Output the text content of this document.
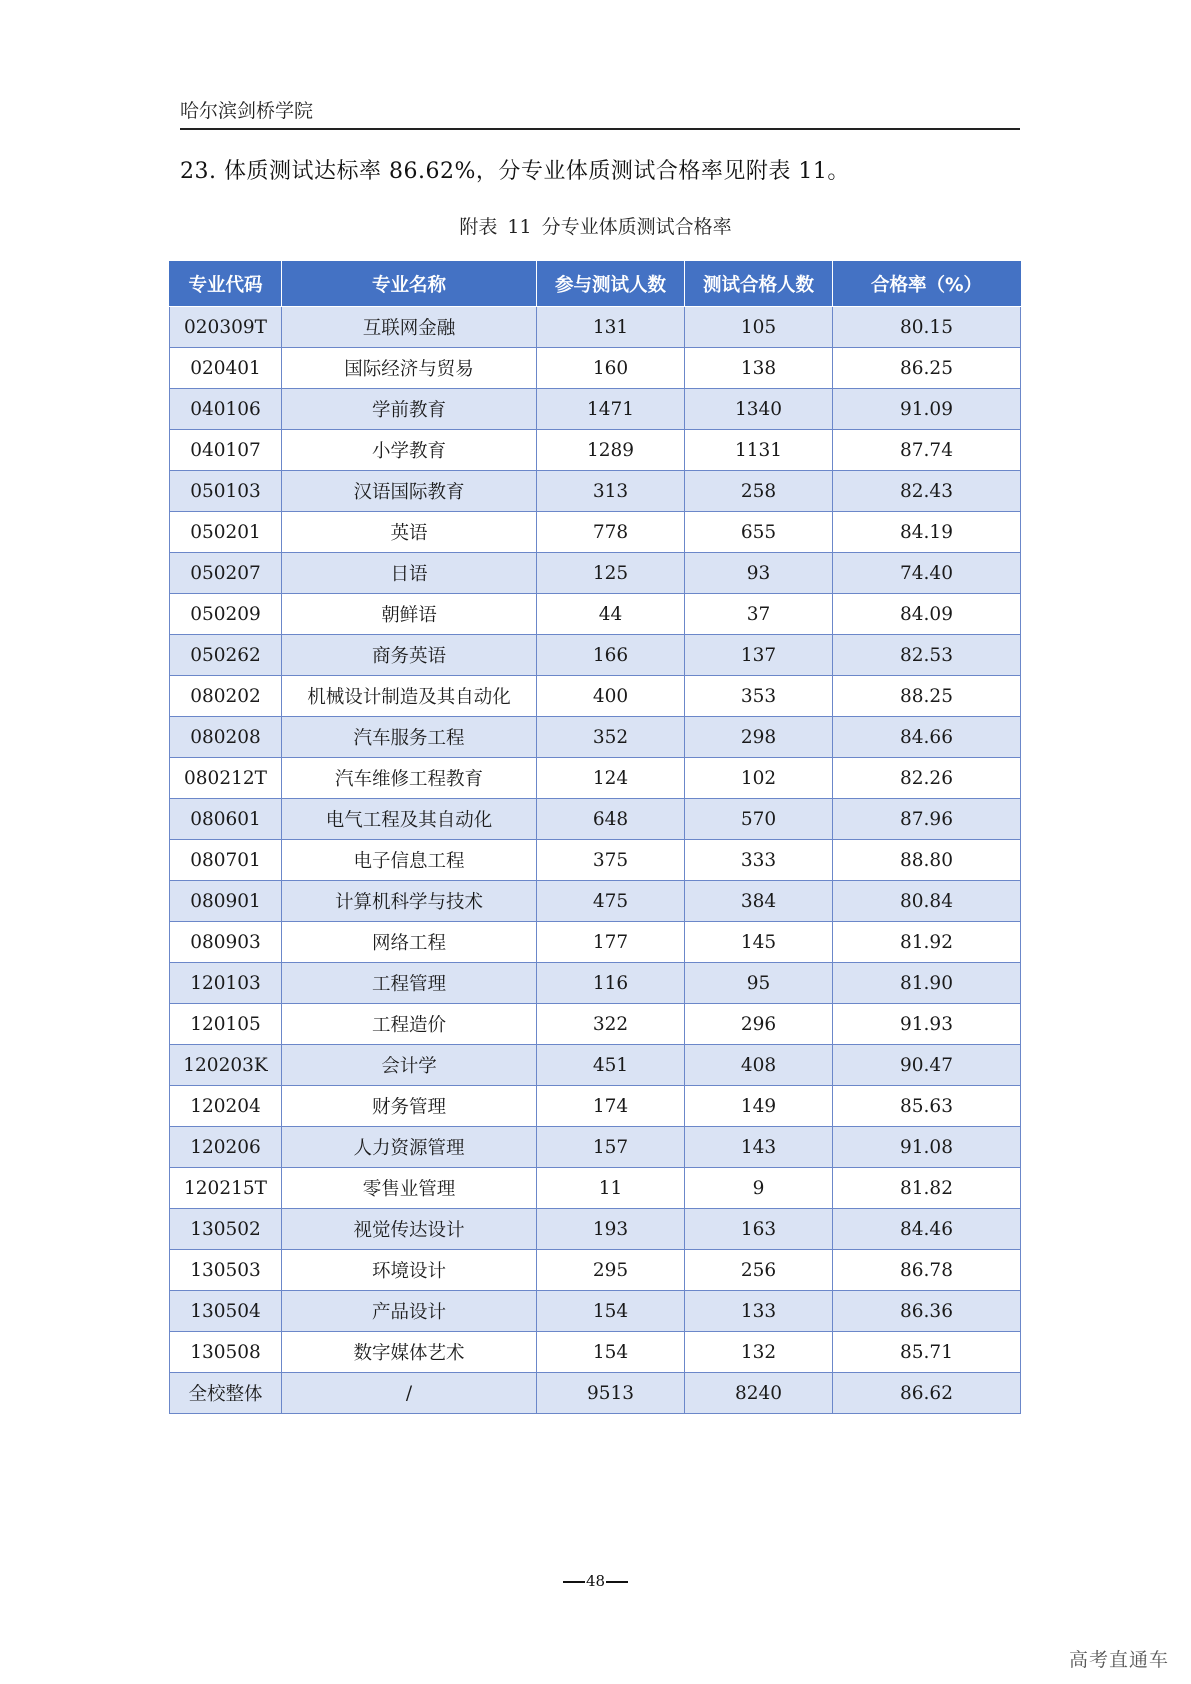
哈尔滨剑桥学院
23. 体质测试达标率 86.62%，分专业体质测试合格率见附表 11。
附表 11 分专业体质测试合格率
专业代码	专业名称	参与测试人数	测试合格人数	合格率（%）
020309T	互联网金融	131	105	80.15
020401	国际经济与贸易	160	138	86.25
040106	学前教育	1471	1340	91.09
040107	小学教育	1289	1131	87.74
050103	汉语国际教育	313	258	82.43
050201	英语	778	655	84.19
050207	日语	125	93	74.40
050209	朝鲜语	44	37	84.09
050262	商务英语	166	137	82.53
080202	机械设计制造及其自动化	400	353	88.25
080208	汽车服务工程	352	298	84.66
080212T	汽车维修工程教育	124	102	82.26
080601	电气工程及其自动化	648	570	87.96
080701	电子信息工程	375	333	88.80
080901	计算机科学与技术	475	384	80.84
080903	网络工程	177	145	81.92
120103	工程管理	116	95	81.90
120105	工程造价	322	296	91.93
120203K	会计学	451	408	90.47
120204	财务管理	174	149	85.63
120206	人力资源管理	157	143	91.08
120215T	零售业管理	11	9	81.82
130502	视觉传达设计	193	163	84.46
130503	环境设计	295	256	86.78
130504	产品设计	154	133	86.36
130508	数字媒体艺术	154	132	85.71
全校整体	/	9513	8240	86.62
48
高考直通车
